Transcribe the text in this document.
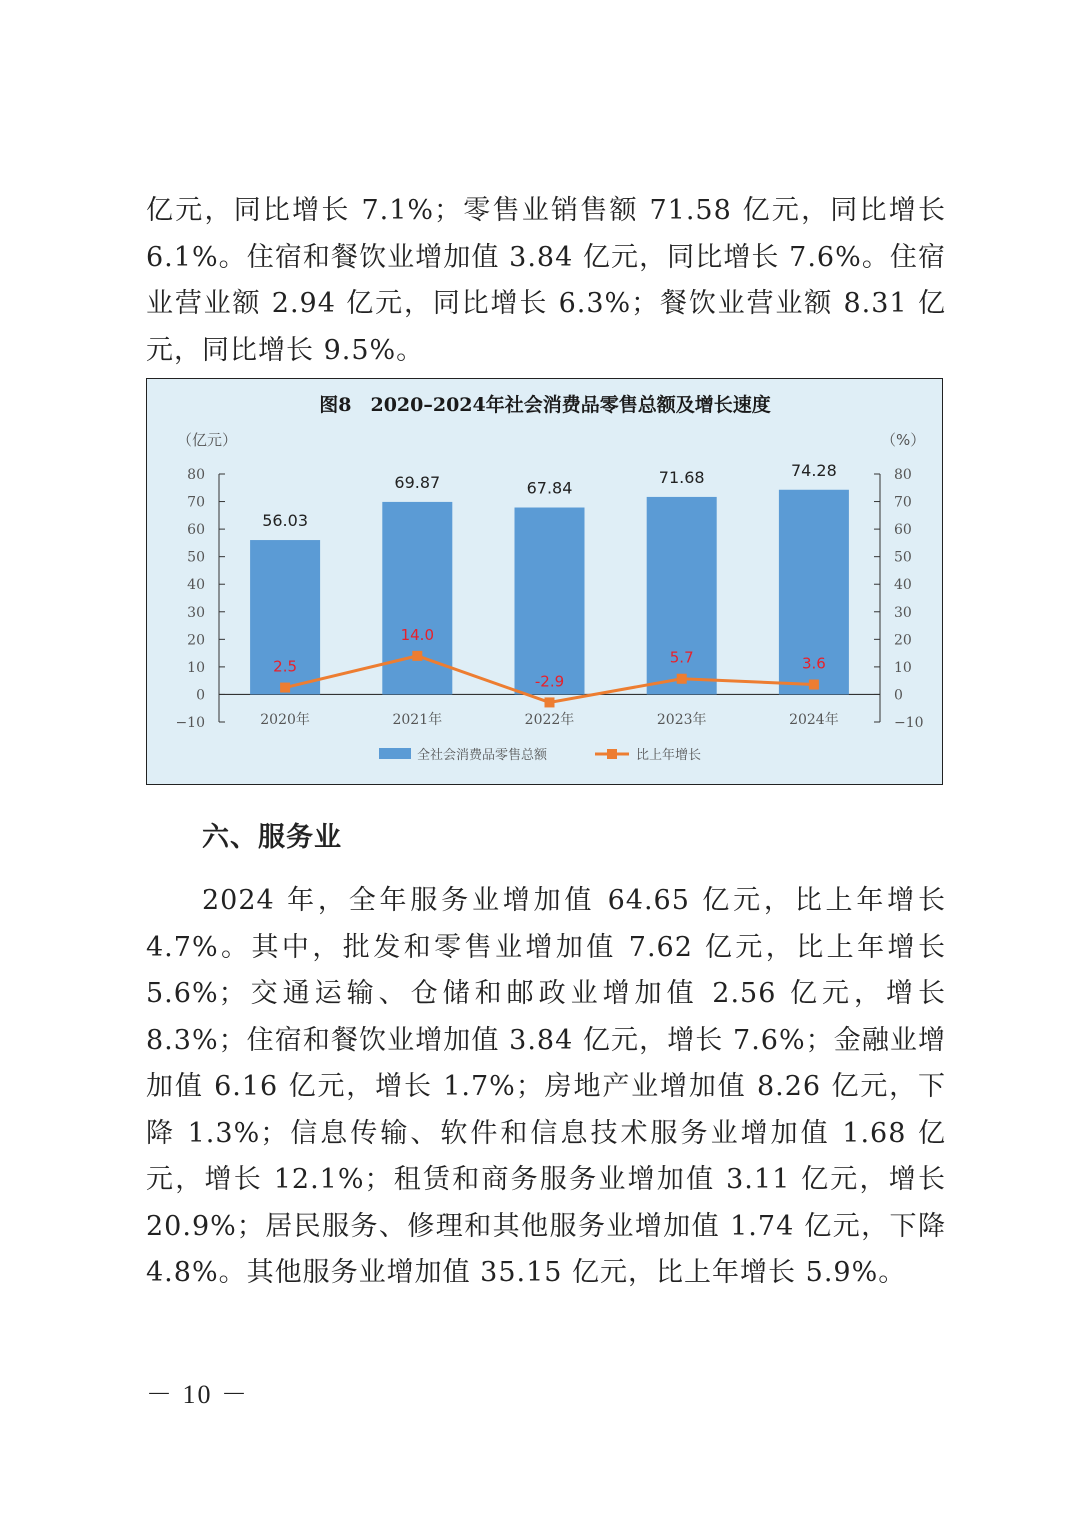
亿元，同比增长 7.1%；零售业销售额 71.58 亿元，同比增长 6.1%。住宿和餐饮业增加值 3.84 亿元，同比增长 7.6%。住宿业营业额 2.94 亿元，同比增长 6.3%；餐饮业营业额 8.31 亿元，同比增长 9.5%。

图8　2020–2024年社会消费品零售总额及增长速度
（亿元）	（%）
80	80
70	70
60	60
50	50
40	40
30	30
20	20
10	10
0	0
−10	−10
56.03
69.87	67.84
71.68	74.28
2.5
14.0
-2.9
5.7	3.6
2020年	2021年	2022年	2023年	2024年
全社会消费品零售总额	比上年增长

六、服务业

2024 年，全年服务业增加值 64.65 亿元，比上年增长 4.7%。其中，批发和零售业增加值 7.62 亿元，比上年增长 5.6%；交通运输、仓储和邮政业增加值 2.56 亿元，增长 8.3%；住宿和餐饮业增加值 3.84 亿元，增长 7.6%；金融业增加值 6.16 亿元，增长 1.7%；房地产业增加值 8.26 亿元，下降 1.3%；信息传输、软件和信息技术服务业增加值 1.68 亿元，增长 12.1%；租赁和商务服务业增加值 3.11 亿元，增长 20.9%；居民服务、修理和其他服务业增加值 1.74 亿元，下降 4.8%。其他服务业增加值 35.15 亿元，比上年增长 5.9%。

－ 10 －
